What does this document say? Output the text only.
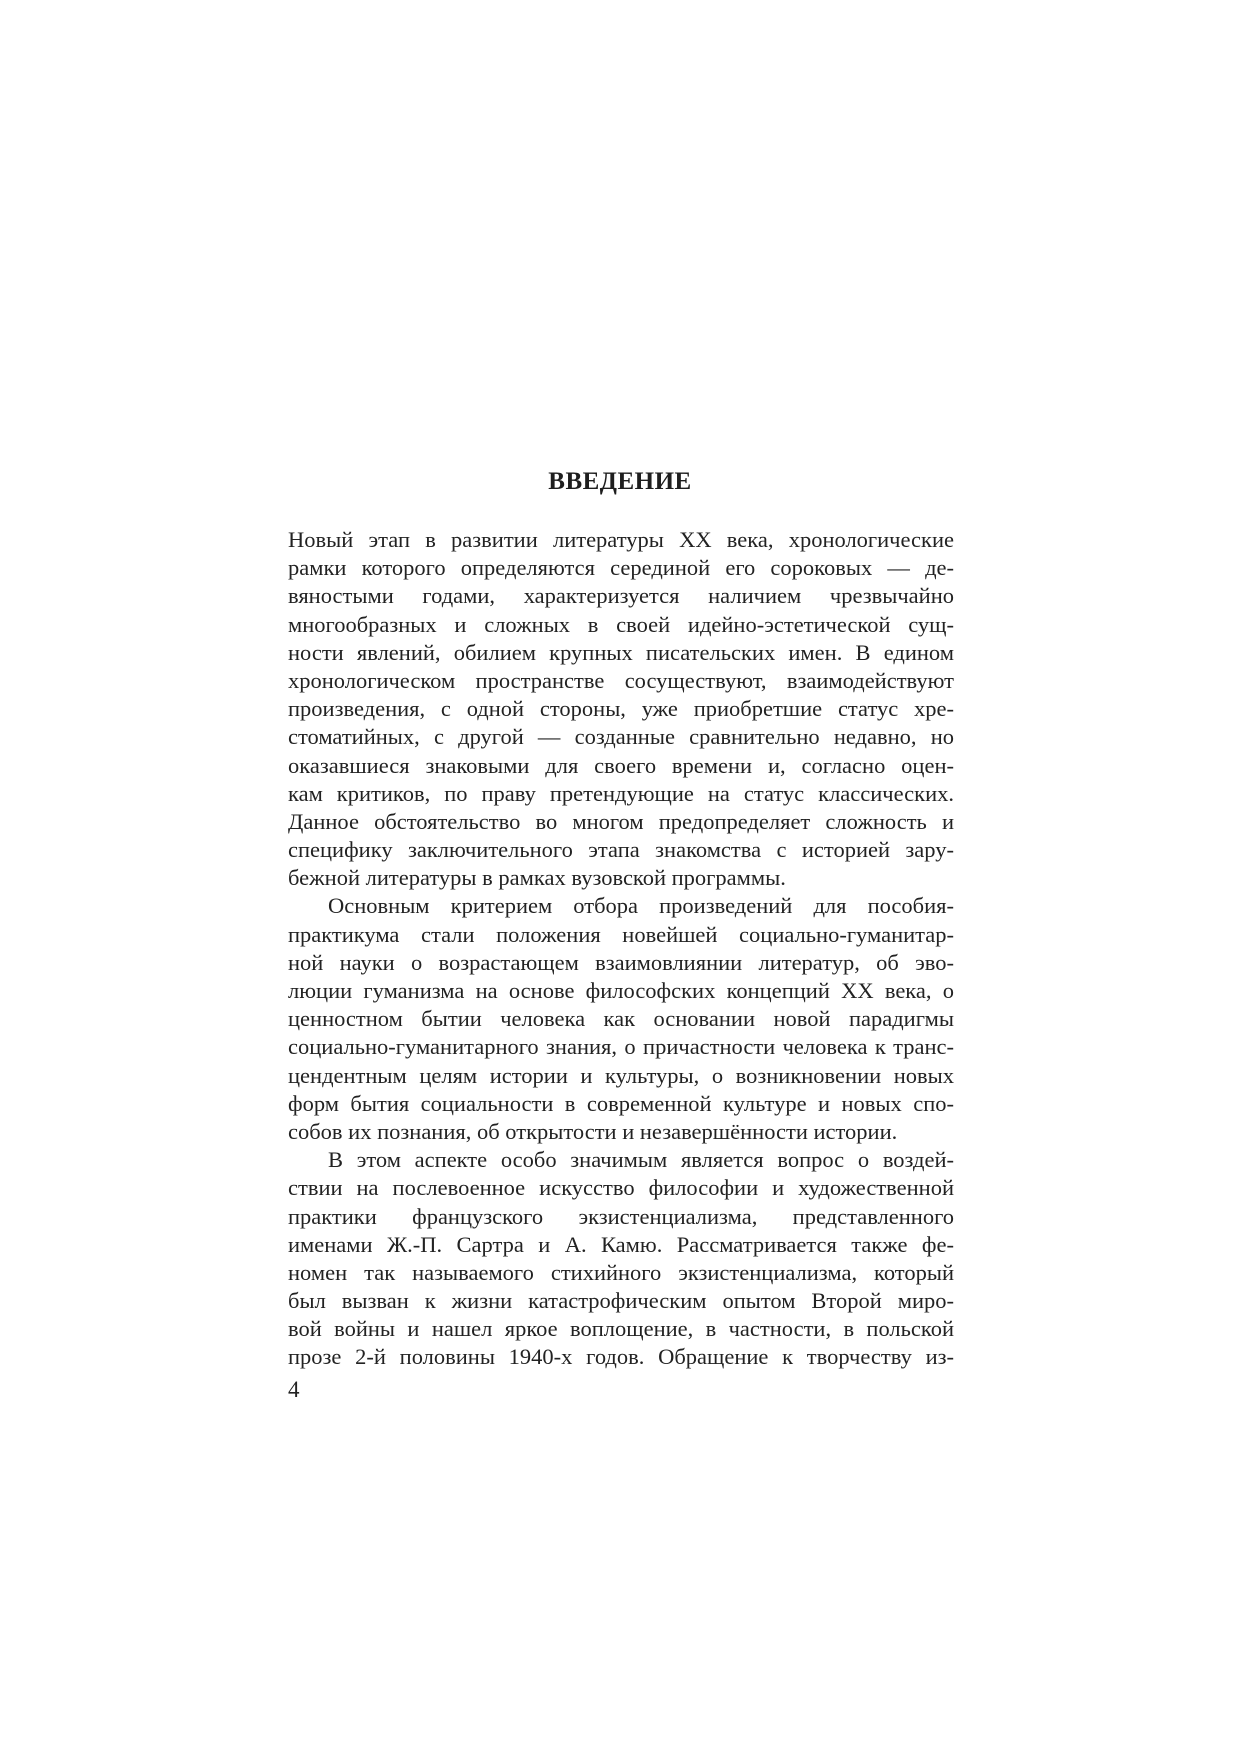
ВВЕДЕНИЕ
Новый этап в развитии литературы XX века, хронологические
рамки которого определяются серединой его сороковых — де-
вяностыми годами, характеризуется наличием чрезвычайно
многообразных и сложных в своей идейно-эстетической сущ-
ности явлений, обилием крупных писательских имен. В едином
хронологическом пространстве сосуществуют, взаимодействуют
произведения, с одной стороны, уже приобретшие статус хре-
стоматийных, с другой — созданные сравнительно недавно, но
оказавшиеся знаковыми для своего времени и, согласно оцен-
кам критиков, по праву претендующие на статус классических.
Данное обстоятельство во многом предопределяет сложность и
специфику заключительного этапа знакомства с историей зару-
бежной литературы в рамках вузовской программы.
Основным критерием отбора произведений для пособия-
практикума стали положения новейшей социально-гуманитар-
ной науки о возрастающем взаимовлиянии литератур, об эво-
люции гуманизма на основе философских концепций XX века, о
ценностном бытии человека как основании новой парадигмы
социально-гуманитарного знания, о причастности человека к транс-
цендентным целям истории и культуры, о возникновении новых
форм бытия социальности в современной культуре и новых спо-
собов их познания, об открытости и незавершённости истории.
В этом аспекте особо значимым является вопрос о воздей-
ствии на послевоенное искусство философии и художественной
практики французского экзистенциализма, представленного
именами Ж.-П. Сартра и А. Камю. Рассматривается также фе-
номен так называемого стихийного экзистенциализма, который
был вызван к жизни катастрофическим опытом Второй миро-
вой войны и нашел яркое воплощение, в частности, в польской
прозе 2-й половины 1940-х годов. Обращение к творчеству из-
4
